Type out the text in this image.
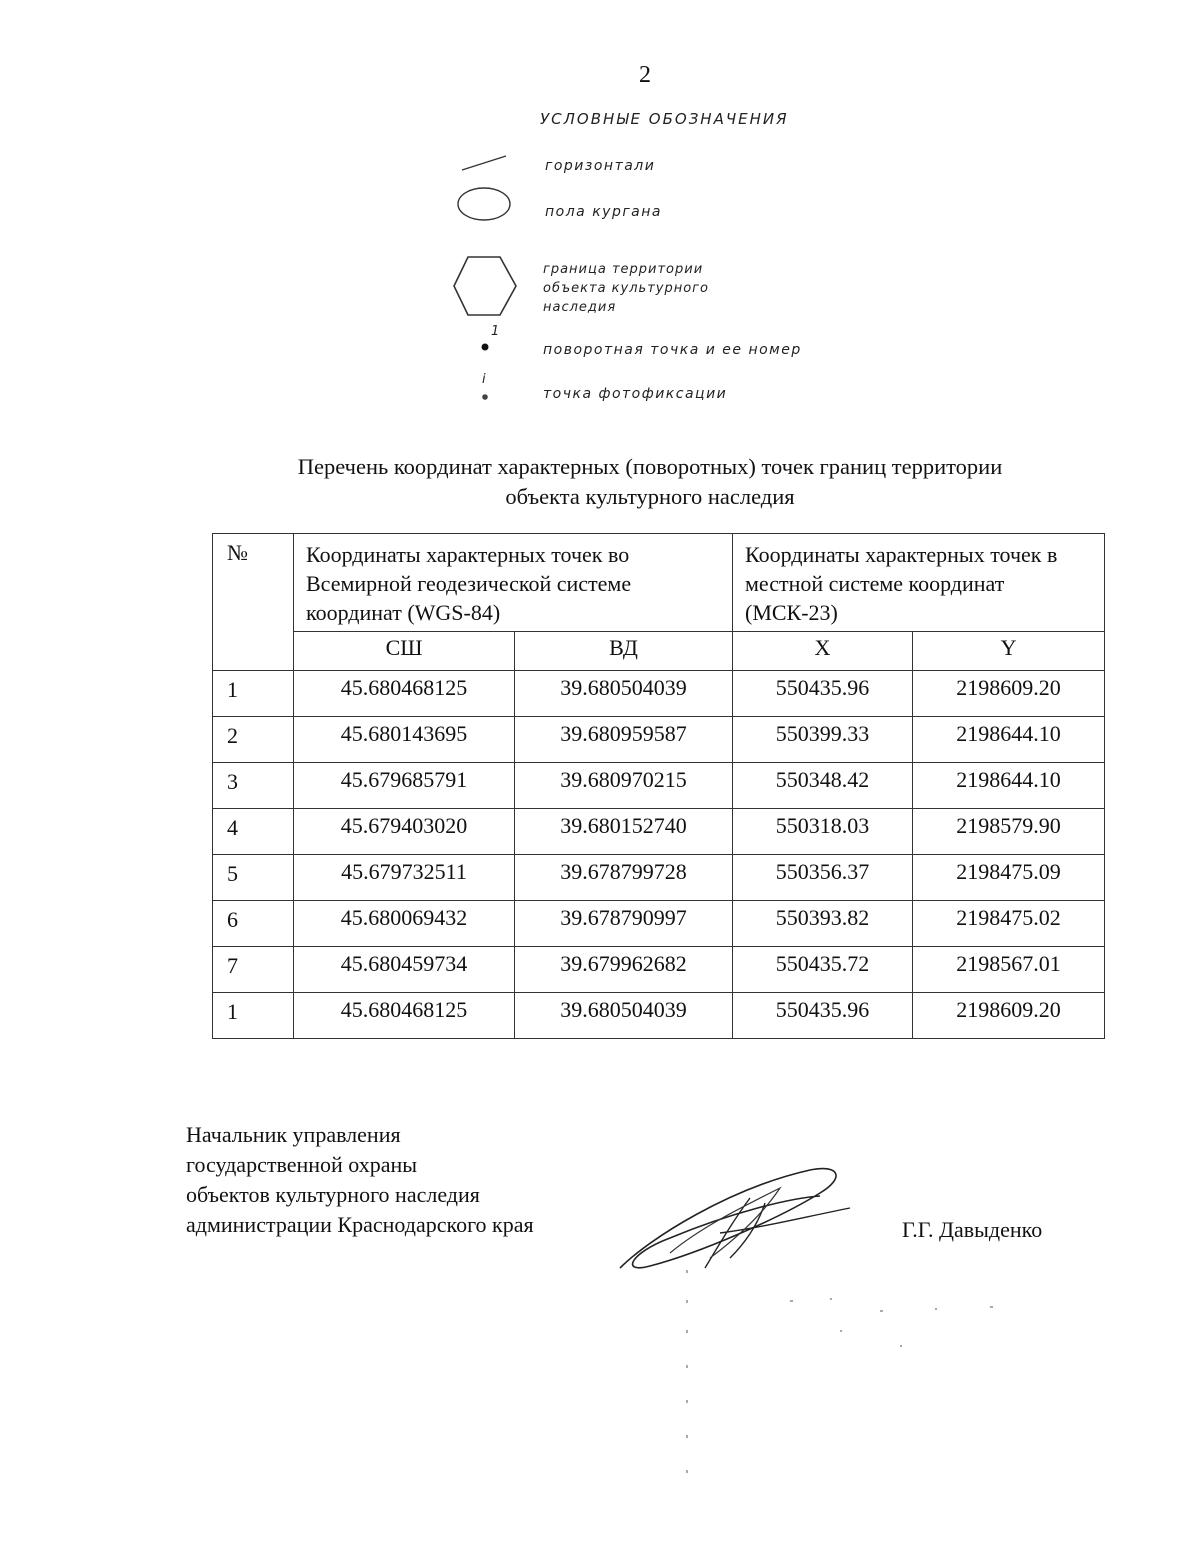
2
УСЛОВНЫЕ ОБОЗНАЧЕНИЯ
горизонтали
пола кургана
граница территории
объекта культурного
наследия
1
поворотная точка и ее номер
i
точка фотофиксации
Перечень координат характерных (поворотных) точек границ территории
объекта культурного наследия
№	Координаты характерных точек во Всемирной геодезической системе координат (WGS-84)		Координаты характерных точек в местной системе координат (МСК-23)	
	СШ	ВД	X	Y
1	45.680468125	39.680504039	550435.96	2198609.20
2	45.680143695	39.680959587	550399.33	2198644.10
3	45.679685791	39.680970215	550348.42	2198644.10
4	45.679403020	39.680152740	550318.03	2198579.90
5	45.679732511	39.678799728	550356.37	2198475.09
6	45.680069432	39.678790997	550393.82	2198475.02
7	45.680459734	39.679962682	550435.72	2198567.01
1	45.680468125	39.680504039	550435.96	2198609.20
Начальник управления
государственной охраны
объектов культурного наследия
администрации Краснодарского края	Г.Г. Давыденко
